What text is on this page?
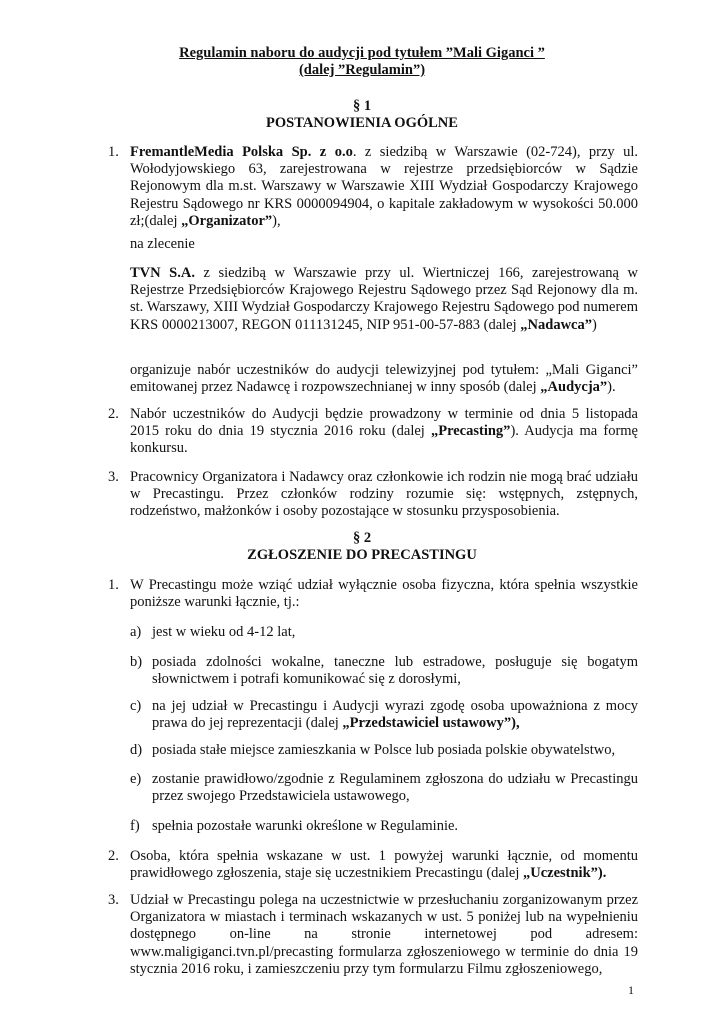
Regulamin naboru do audycji pod tytułem ”Mali Giganci ”
(dalej ”Regulamin”)
§ 1
POSTANOWIENIA OGÓLNE
1. FremantleMedia Polska Sp. z o.o. z siedzibą w Warszawie (02-724), przy ul. Wołodyjowskiego 63, zarejestrowana w rejestrze przedsiębiorców w Sądzie Rejonowym dla m.st. Warszawy w Warszawie XIII Wydział Gospodarczy Krajowego Rejestru Sądowego nr KRS 0000094904, o kapitale zakładowym w wysokości 50.000 zł;(dalej „Organizator”),
na zlecenie
TVN S.A. z siedzibą w Warszawie przy ul. Wiertniczej 166, zarejestrowaną w Rejestrze Przedsiębiorców Krajowego Rejestru Sądowego przez Sąd Rejonowy dla m. st. Warszawy, XIII Wydział Gospodarczy Krajowego Rejestru Sądowego pod numerem KRS 0000213007, REGON 011131245, NIP 951-00-57-883 (dalej „Nadawca”)
organizuje nabór uczestników do audycji telewizyjnej pod tytułem: „Mali Giganci” emitowanej przez Nadawcę i rozpowszechnianej w inny sposób (dalej „Audycja”).
2. Nabór uczestników do Audycji będzie prowadzony w terminie od dnia 5 listopada 2015 roku do dnia 19 stycznia 2016 roku (dalej „Precasting”). Audycja ma formę konkursu.
3. Pracownicy Organizatora i Nadawcy oraz członkowie ich rodzin nie mogą brać udziału w Precastingu. Przez członków rodziny rozumie się: wstępnych, zstępnych, rodzeństwo, małżonków i osoby pozostające w stosunku przysposobienia.
§ 2
ZGŁOSZENIE DO PRECASTINGU
1. W Precastingu może wziąć udział wyłącznie osoba fizyczna, która spełnia wszystkie poniższe warunki łącznie, tj.:
a) jest w wieku od 4-12 lat,
b) posiada zdolności wokalne, taneczne lub estradowe, posługuje się bogatym słownictwem i potrafi komunikować się z dorosłymi,
c) na jej udział w Precastingu i Audycji wyrazi zgodę osoba upoważniona z mocy prawa do jej reprezentacji (dalej „Przedstawiciel ustawowy”),
d) posiada stałe miejsce zamieszkania w Polsce lub posiada polskie obywatelstwo,
e) zostanie prawidłowo/zgodnie z Regulaminem zgłoszona do udziału w Precastingu przez swojego Przedstawiciela ustawowego,
f) spełnia pozostałe warunki określone w Regulaminie.
2. Osoba, która spełnia wskazane w ust. 1 powyżej warunki łącznie, od momentu prawidłowego zgłoszenia, staje się uczestnikiem Precastingu (dalej „Uczestnik”).
3. Udział w Precastingu polega na uczestnictwie w przesłuchaniu zorganizowanym przez Organizatora w miastach i terminach wskazanych w ust. 5 poniżej lub na wypełnieniu dostępnego on-line na stronie internetowej pod adresem: www.maligiganci.tvn.pl/precasting formularza zgłoszeniowego w terminie do dnia 19 stycznia 2016 roku, i zamieszczeniu przy tym formularzu Filmu zgłoszeniowego,
1
